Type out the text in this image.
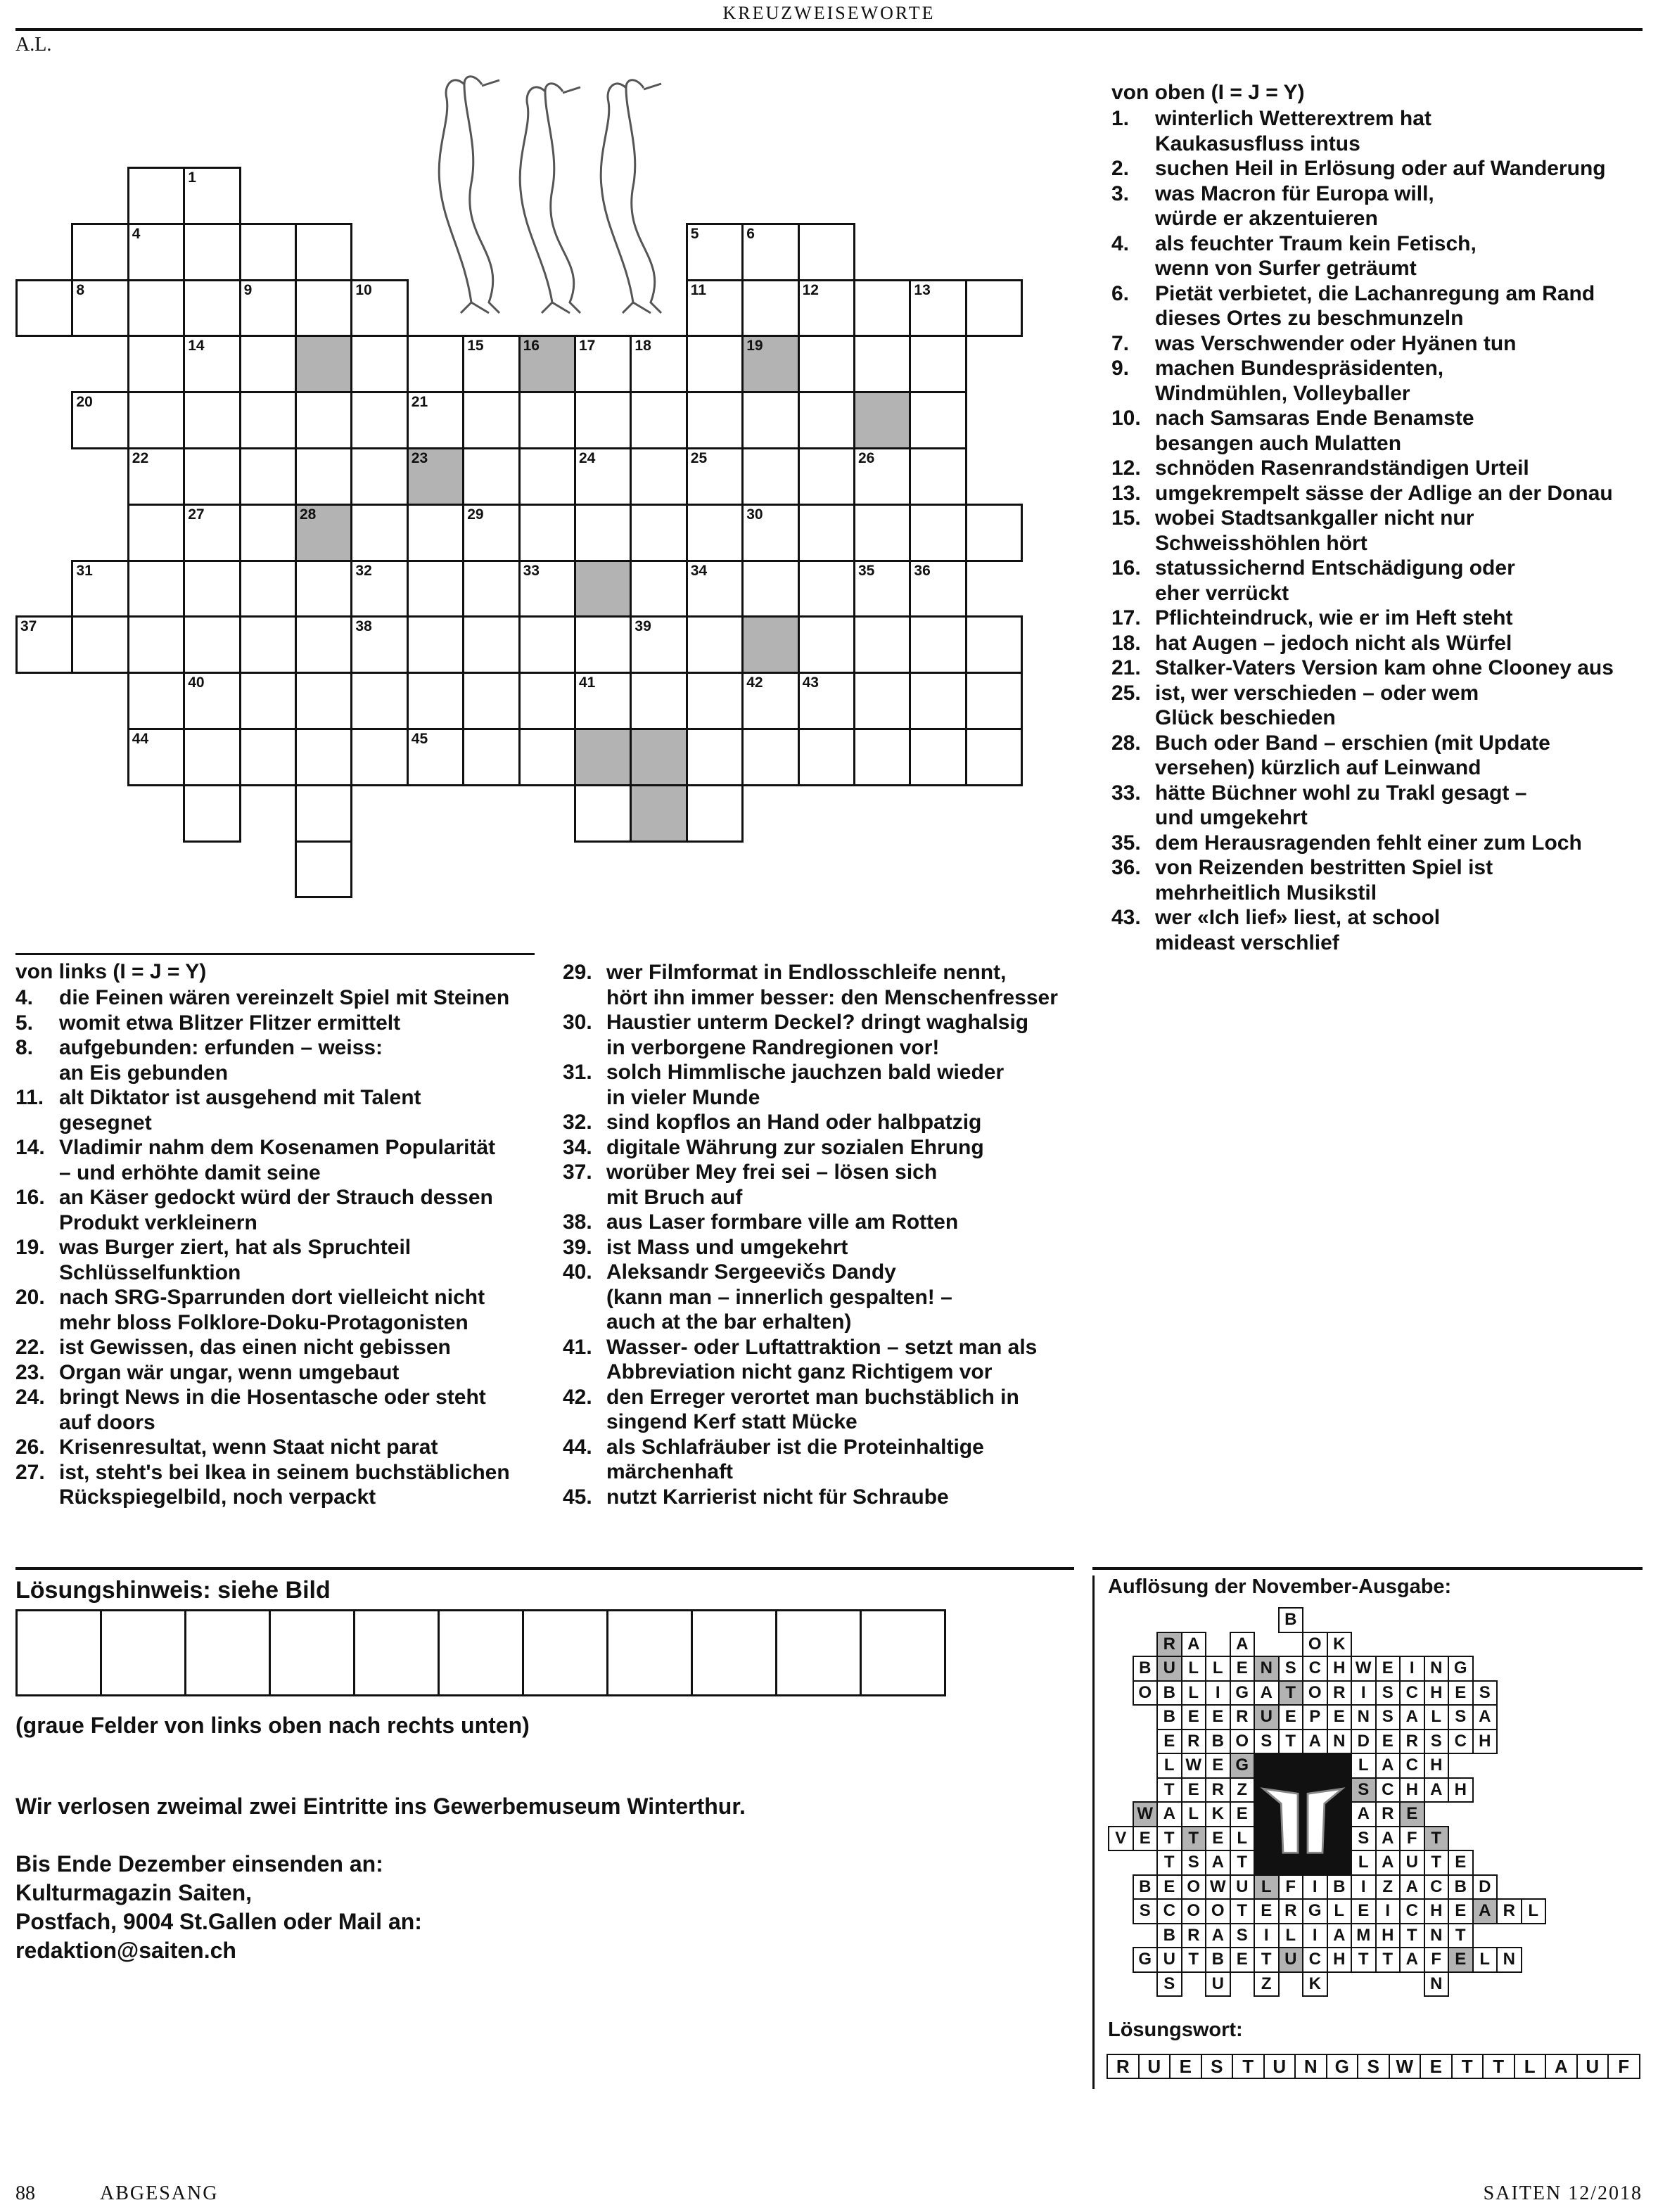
KREUZWEISEWORTE
A.L.
1
4	5	6
8	9	10	11	12	13
14	15	16	17	18	19
20	21
22	23	24	25	26
27	28	29	30
31	32	33	34	35	36
37	38	39
40	41	42	43
44	45
von oben (I = J = Y)
1.	winterlich Wetterextrem hat
Kaukasusfluss intus
2.	suchen Heil in Erlösung oder auf Wanderung
3.	was Macron für Europa will,
würde er akzentuieren
4.	als feuchter Traum kein Fetisch,
wenn von Surfer geträumt
6.	Pietät verbietet, die Lachanregung am Rand
dieses Ortes zu beschmunzeln
7.	was Verschwender oder Hyänen tun
9.	machen Bundespräsidenten,
Windmühlen, Volleyballer
10. nach Samsaras Ende Benamste
besangen auch Mulatten
12. schnöden Rasenrandständigen Urteil
13. umgekrempelt sässe der Adlige an der Donau
15. wobei Stadtsankgaller nicht nur
Schweisshöhlen hört
16. statussichernd Entschädigung oder
eher verrückt
17. Pflichteindruck, wie er im Heft steht
18. hat Augen – jedoch nicht als Würfel
21. Stalker-Vaters Version kam ohne Clooney aus
25. ist, wer verschieden – oder wem
Glück beschieden
28. Buch oder Band – erschien (mit Update
versehen) kürzlich auf Leinwand
33. hätte Büchner wohl zu Trakl gesagt –
und umgekehrt
35. dem Herausragenden fehlt einer zum Loch
36. von Reizenden bestritten Spiel ist
mehrheitlich Musikstil
43. wer «Ich lief» liest, at school
mideast verschlief
von links (I = J = Y)
4.	die Feinen wären vereinzelt Spiel mit Steinen
5.	womit etwa Blitzer Flitzer ermittelt
8.	aufgebunden: erfunden – weiss:
an Eis gebunden
11. alt Diktator ist ausgehend mit Talent
gesegnet
14. Vladimir nahm dem Kosenamen Popularität
– und erhöhte damit seine
16. an Käser gedockt würd der Strauch dessen
Produkt verkleinern
19. was Burger ziert, hat als Spruchteil
Schlüsselfunktion
20. nach SRG-Sparrunden dort vielleicht nicht
mehr bloss Folklore-Doku-Protagonisten
22. ist Gewissen, das einen nicht gebissen
23. Organ wär ungar, wenn umgebaut
24. bringt News in die Hosentasche oder steht
auf doors
26. Krisenresultat, wenn Staat nicht parat
27. ist, steht's bei Ikea in seinem buchstäblichen
Rückspiegelbild, noch verpackt
29. wer Filmformat in Endlosschleife nennt,
hört ihn immer besser: den Menschenfresser
30. Haustier unterm Deckel? dringt waghalsig
in verborgene Randregionen vor!
31. solch Himmlische jauchzen bald wieder
in vieler Munde
32. sind kopflos an Hand oder halbpatzig
34. digitale Währung zur sozialen Ehrung
37. worüber Mey frei sei – lösen sich
mit Bruch auf
38. aus Laser formbare ville am Rotten
39. ist Mass und umgekehrt
40. Aleksandr Sergeevičs Dandy
(kann man – innerlich gespalten! –
auch at the bar erhalten)
41. Wasser- oder Luftattraktion – setzt man als
Abbreviation nicht ganz Richtigem vor
42. den Erreger verortet man buchstäblich in
singend Kerf statt Mücke
44. als Schlafräuber ist die Proteinhaltige
märchenhaft
45. nutzt Karrierist nicht für Schraube
Lösungshinweis: siehe Bild
(graue Felder von links oben nach rechts unten)
Wir verlosen zweimal zwei Eintritte ins Gewerbemuseum Winterthur.
Bis Ende Dezember einsenden an:
Kulturmagazin Saiten,
Postfach, 9004 St.Gallen oder Mail an:
redaktion@saiten.ch
Auflösung der November-Ausgabe:
B
R A	A	O K
B U L L E N S C H W E I N G
O B L I G A T O R I S C H E S
B E E R U E P E N S A L S A
E R B O S T A N D E R S C H
L W E G	L A C H
T E R Z	S C H A H
W A L K E	A R E
V E T T E L	S A F T
T S A T	L A U T E
B E O W U L F I B I Z A C B D
S C O O T E R G L E I C H E A R L
B R A S I L I A M H T N T
G U T B E T U C H T T A F E L N
S	U	Z	K	N
Lösungswort:
R U	E	S	T	U N G S W E	T	T	L	A U	F
88	ABGESANG	SAITEN 12/2018
